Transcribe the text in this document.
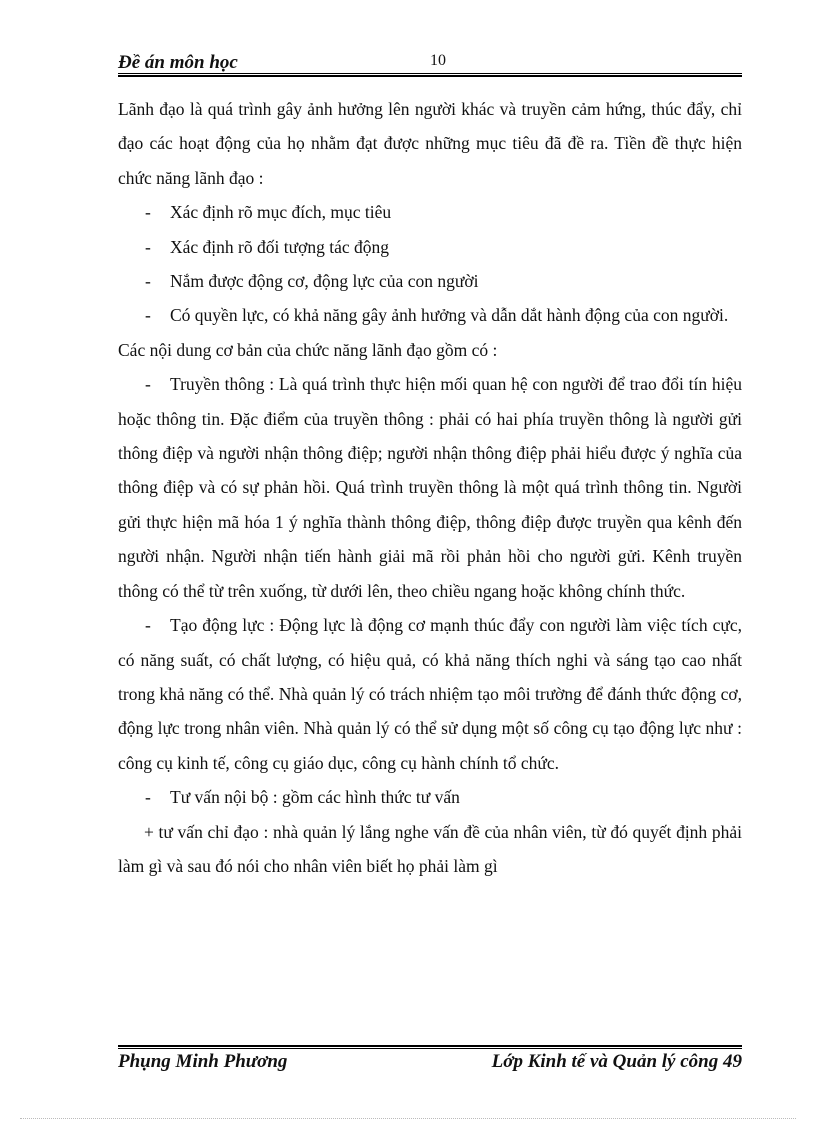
Đề án môn học	10

Lãnh đạo là quá trình gây ảnh hưởng lên người khác và truyền cảm hứng, thúc đẩy, chỉ đạo các hoạt động của họ nhằm đạt được những mục tiêu đã đề ra. Tiền đề thực hiện chức năng lãnh đạo :

- Xác định rõ mục đích, mục tiêu

- Xác định rõ đối tượng tác động

- Nắm được động cơ, động lực của con người

- Có quyền lực, có khả năng gây ảnh hưởng và dẫn dắt hành động của con người.

Các nội dung cơ bản của chức năng lãnh đạo gồm có :

- Truyền thông : Là quá trình thực hiện mối quan hệ con người để trao đổi tín hiệu hoặc thông tin. Đặc điểm của truyền thông : phải có hai phía truyền thông là người gửi thông điệp và người nhận thông điệp; người nhận thông điệp phải hiểu được ý nghĩa của thông điệp và có sự phản hồi. Quá trình truyền thông là một quá trình thông tin. Người gửi thực hiện mã hóa 1 ý nghĩa thành thông điệp, thông điệp được truyền qua kênh đến người nhận. Người nhận tiến hành giải mã rồi phản hồi cho người gửi. Kênh truyền thông có thể từ trên xuống, từ dưới lên, theo chiều ngang hoặc không chính thức.

- Tạo động lực : Động lực là động cơ mạnh thúc đẩy con người làm việc tích cực, có năng suất, có chất lượng, có hiệu quả, có khả năng thích nghi và sáng tạo cao nhất trong khả năng có thể. Nhà quản lý có trách nhiệm tạo môi trường để đánh thức động cơ, động lực trong nhân viên. Nhà quản lý có thể sử dụng một số công cụ tạo động lực như : công cụ kinh tế, công cụ giáo dục, công cụ hành chính tổ chức.

- Tư vấn nội bộ : gồm các hình thức tư vấn

+ tư vấn chỉ đạo : nhà quản lý lắng nghe vấn đề của nhân viên, từ đó quyết định phải làm gì và sau đó nói cho nhân viên biết họ phải làm gì

Phụng Minh Phương	Lớp Kinh tế và Quản lý công 49
